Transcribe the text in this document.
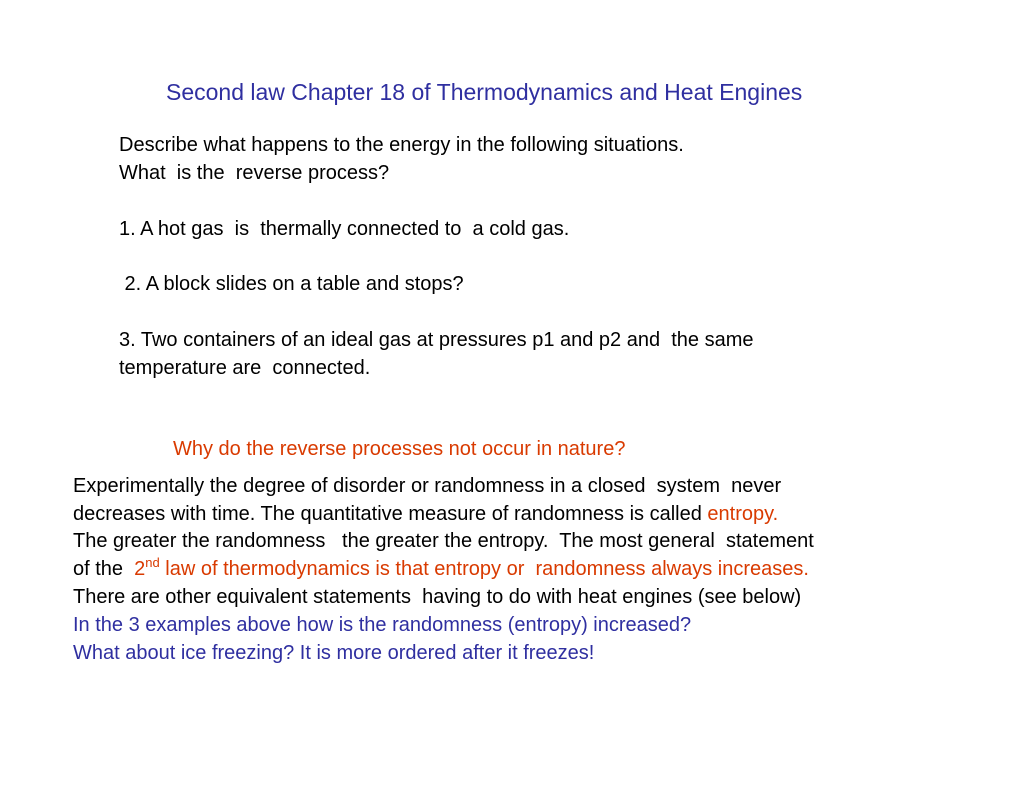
Second law Chapter 18 of Thermodynamics and Heat Engines
Describe what happens to the energy in the following situations.
What  is the  reverse process?
1. A hot gas  is  thermally connected to  a cold gas.
2. A block slides on a table and stops?
3. Two containers of an ideal gas at pressures p1 and p2 and  the same
temperature are  connected.
Why do the reverse processes not occur in nature?
Experimentally the degree of disorder or randomness in a closed  system  never
decreases with time. The quantitative measure of randomness is called entropy.
The greater the randomness   the greater the entropy.  The most general  statement
of the  2nd law of thermodynamics is that entropy or  randomness always increases.
There are other equivalent statements  having to do with heat engines (see below)
In the 3 examples above how is the randomness (entropy) increased?
What about ice freezing? It is more ordered after it freezes!
